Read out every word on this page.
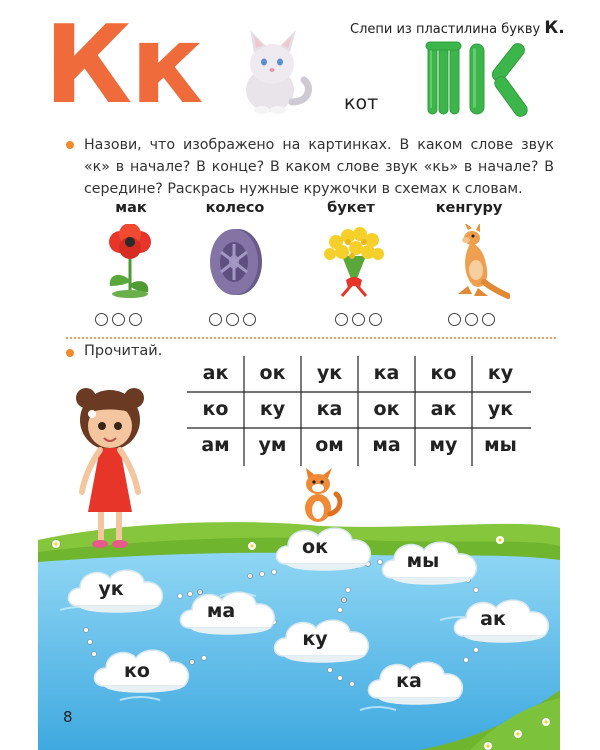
Кк	кот
Слепи из пластилина букву К.
Назови, что изображено на картинках. В каком слове звук «к» в начале? В конце? В каком слове звук «кь» в начале? В середине? Раскрась нужные кружочки в схемах к словам.
мак	колесо	букет	кенгуру
Прочитай.
ак	ок	ук	ка	ко	ку
ко	ку	ка	ок	ак	ук
ам	ум	ом	ма	му	мы
ок
мы
ук
ма	ак
ку
ко	ка
8
